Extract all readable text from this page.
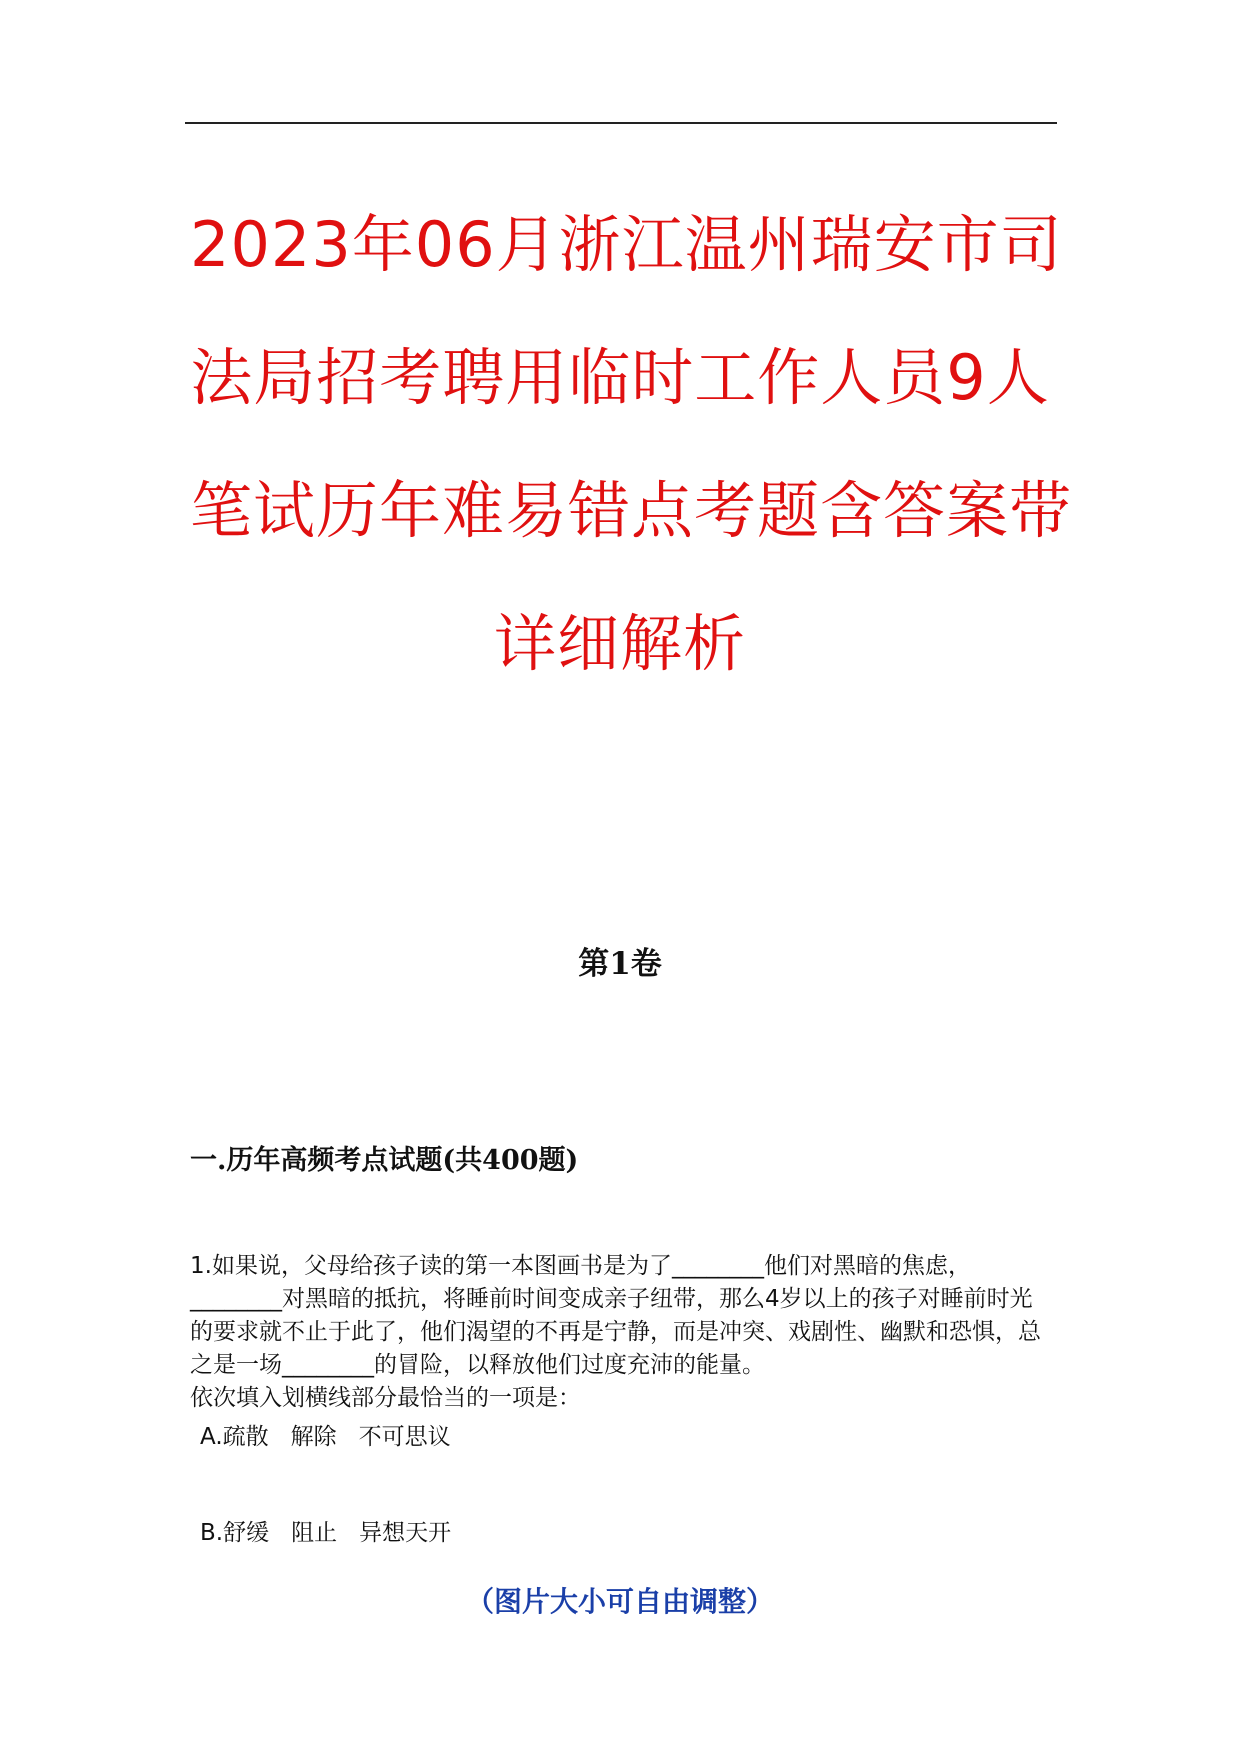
2023年06月浙江温州瑞安市司
法局招考聘用临时工作人员9人
笔试历年难易错点考题含答案带
详细解析
第1卷
一.历年高频考点试题(共400题)

1.如果说，父母给孩子读的第一本图画书是为了________他们对黑暗的焦虑，________对黑暗的抵抗，将睡前时间变成亲子纽带，那么4岁以上的孩子对睡前时光的要求就不止于此了，他们渴望的不再是宁静，而是冲突、戏剧性、幽默和恐惧，总之是一场________的冒险，以释放他们过度充沛的能量。

依次填入划横线部分最恰当的一项是：

A.疏散 解除 不可思议
B.舒缓 阻止 异想天开
（图片大小可自由调整）
